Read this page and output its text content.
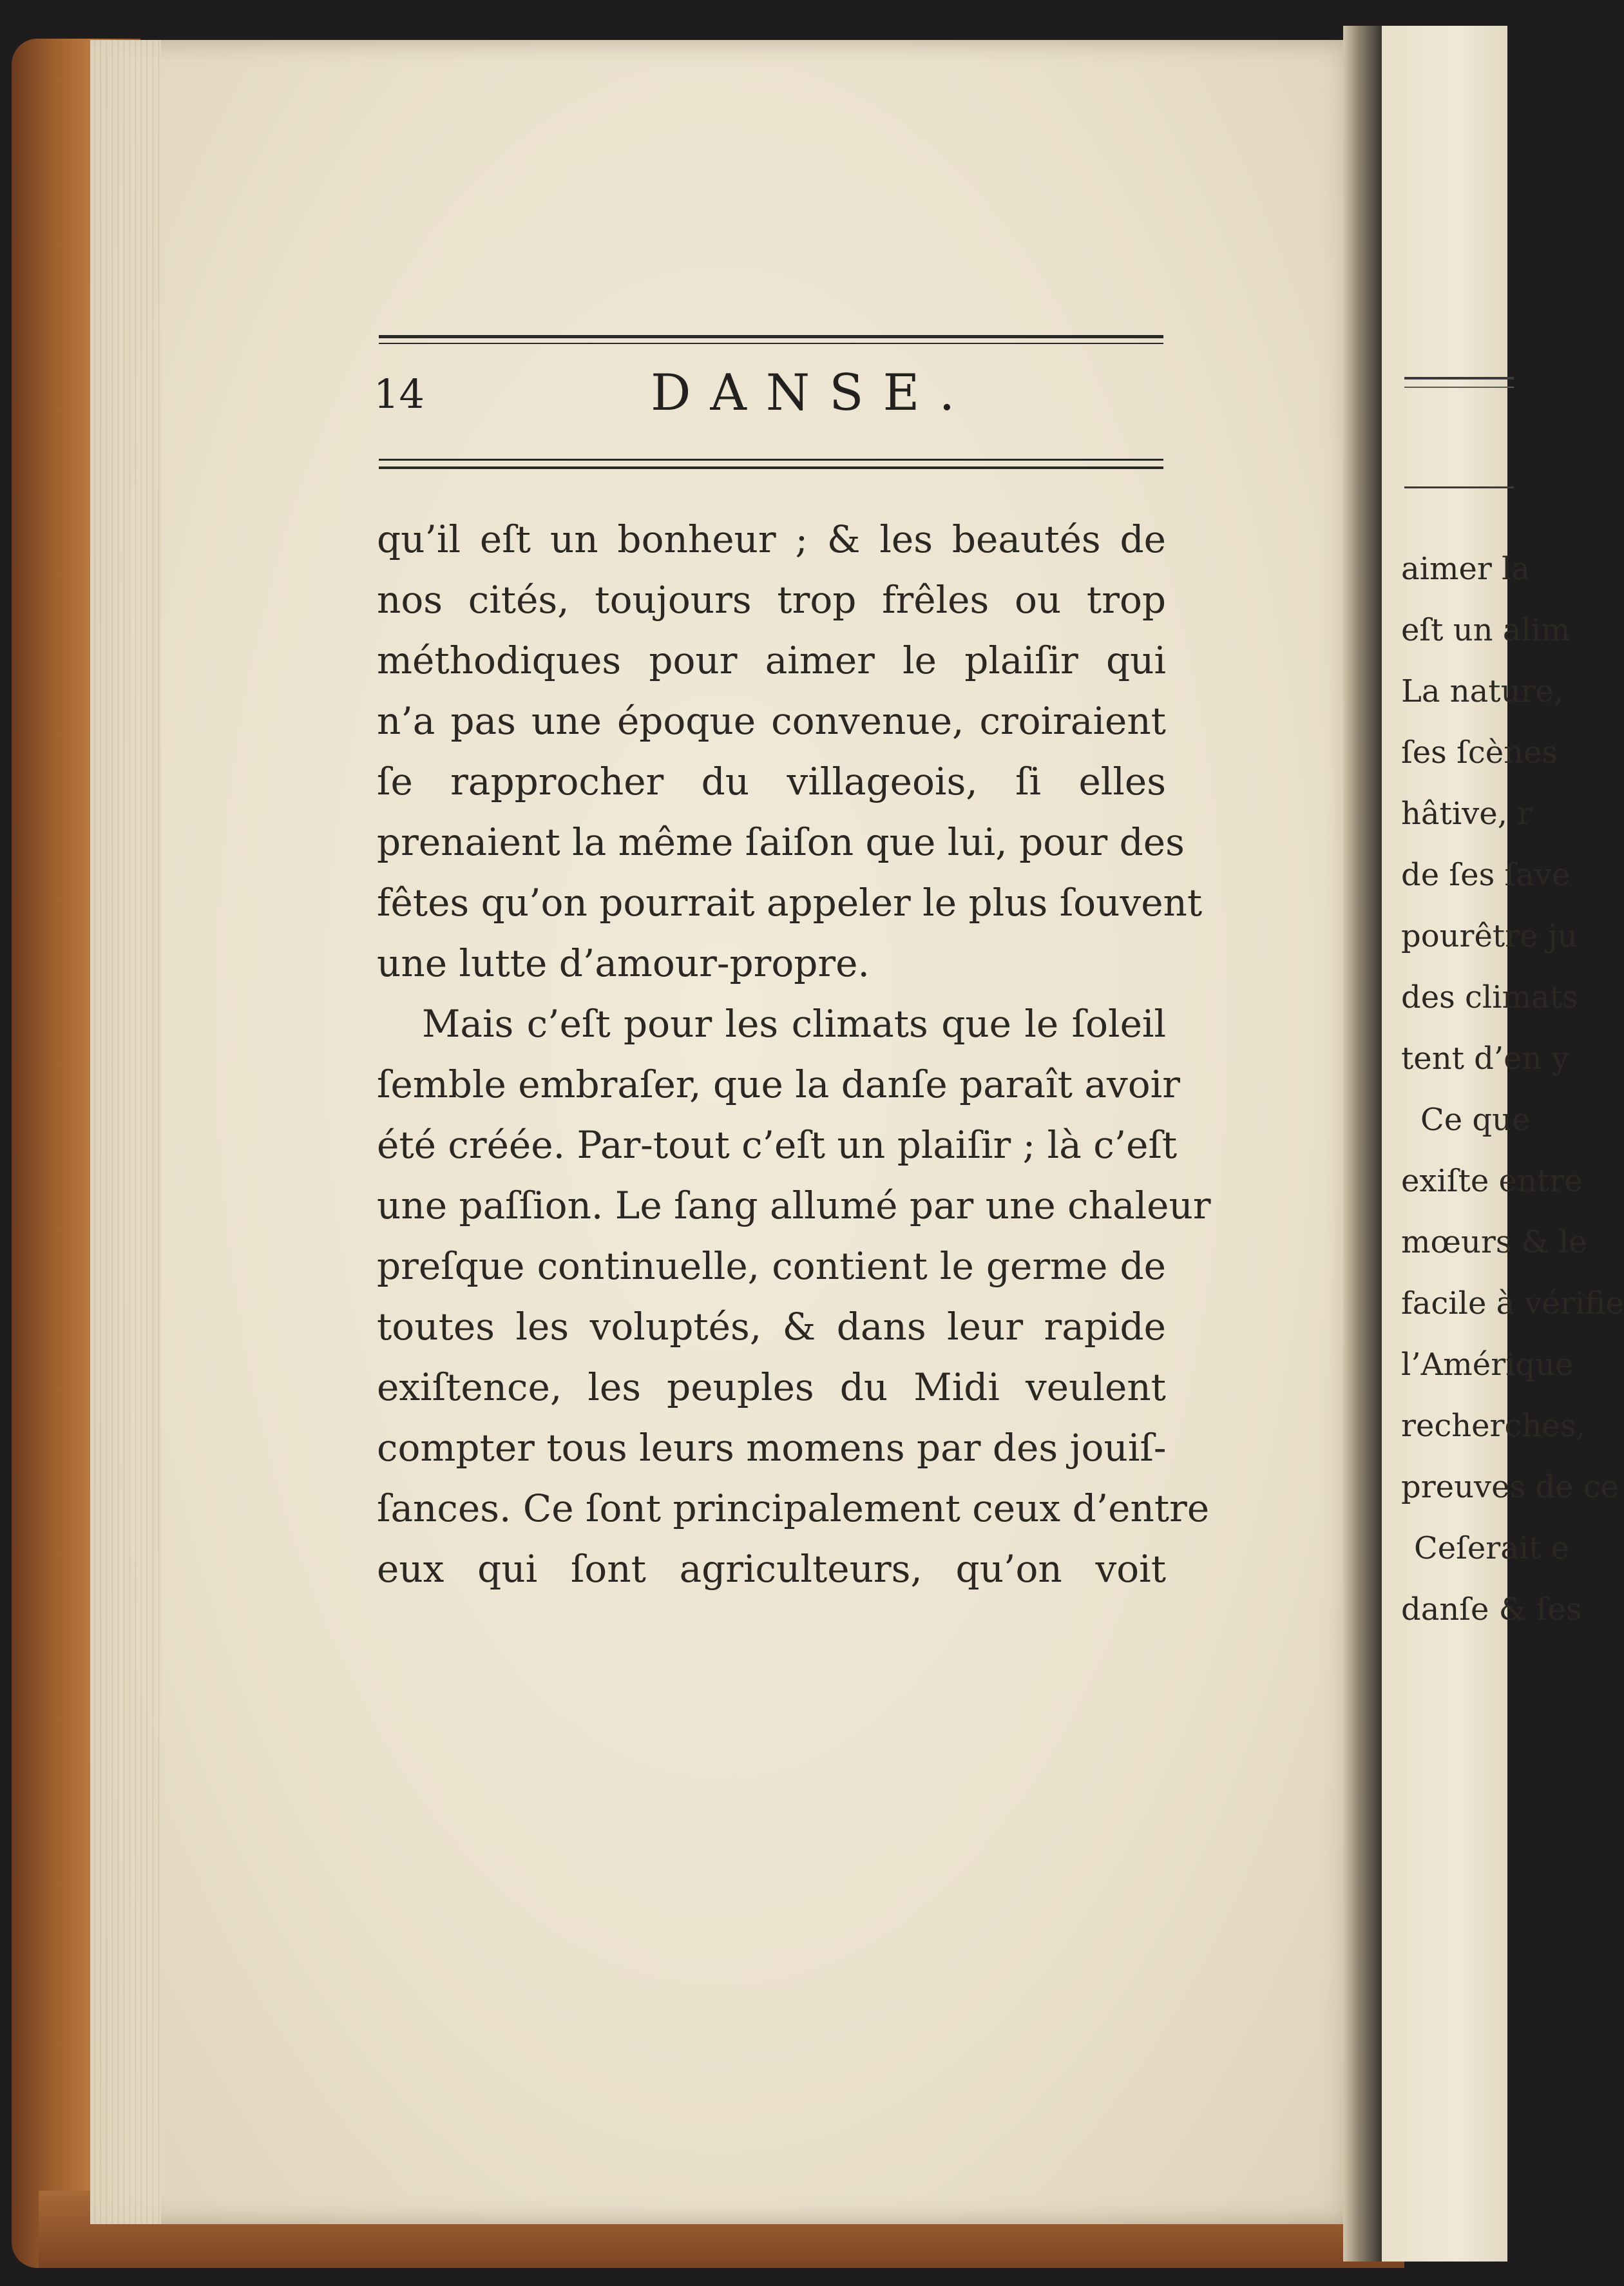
aimer la
eſt un alim
La nature,
ſes ſcènes
hâtive, r
de ſes ſave
pourêtre ju
des climats
tent d’en y
Ce que
exiſte entre
mœurs & le
facile à vérifie
l’Amérique
recherches,
preuves de ce
Ceſerait e
danſe & ſes
14	DANSE.
qu’il eſt un bonheur ; & les beautés de
nos cités, toujours trop frêles ou trop
méthodiques pour aimer le plaiſir qui
n’a pas une époque convenue, croiraient
ſe rapprocher du villageois, ſi elles
prenaient la même ſaiſon que lui, pour des
fêtes qu’on pourrait appeler le plus ſouvent
une lutte d’amour-propre.
Mais c’eſt pour les climats que le ſoleil
ſemble embraſer, que la danſe paraît avoir
été créée. Par-tout c’eſt un plaiſir ; là c’eſt
une paſſion. Le ſang allumé par une chaleur
preſque continuelle, contient le germe de
toutes les voluptés, & dans leur rapide
exiſtence, les peuples du Midi veulent
compter tous leurs momens par des jouiſ-
ſances. Ce ſont principalement ceux d’entre
eux qui ſont agriculteurs, qu’on voit
